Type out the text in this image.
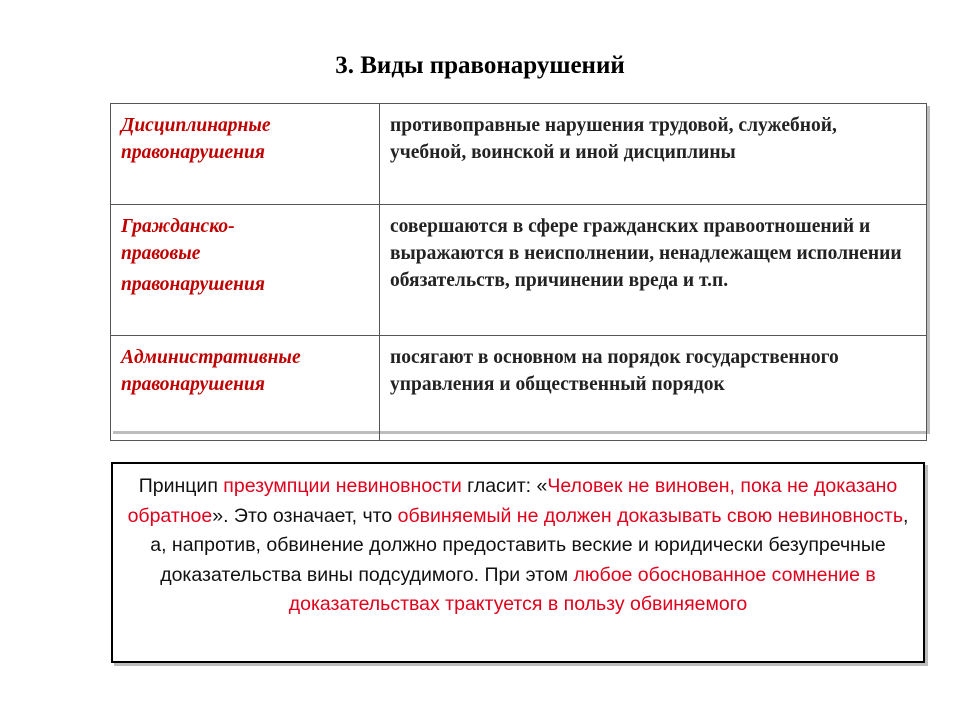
3. Виды правонарушений
Дисциплинарные
правонарушения	противоправные нарушения трудовой, служебной, учебной, воинской и иной дисциплины

Гражданско-
правовые
правонарушения	совершаются в сфере гражданских правоотношений и выражаются в неисполнении, ненадлежащем исполнении обязательств, причинении вреда и т.п.

Административные
правонарушения	посягают в основном на порядок государственного управления и общественный порядок
Принцип презумпции невиновности гласит: «Человек не виновен, пока не доказано обратное». Это означает, что обвиняемый не должен доказывать свою невиновность, а, напротив, обвинение должно предоставить веские и юридически безупречные доказательства вины подсудимого. При этом любое обоснованное сомнение в доказательствах трактуется в пользу обвиняемого
